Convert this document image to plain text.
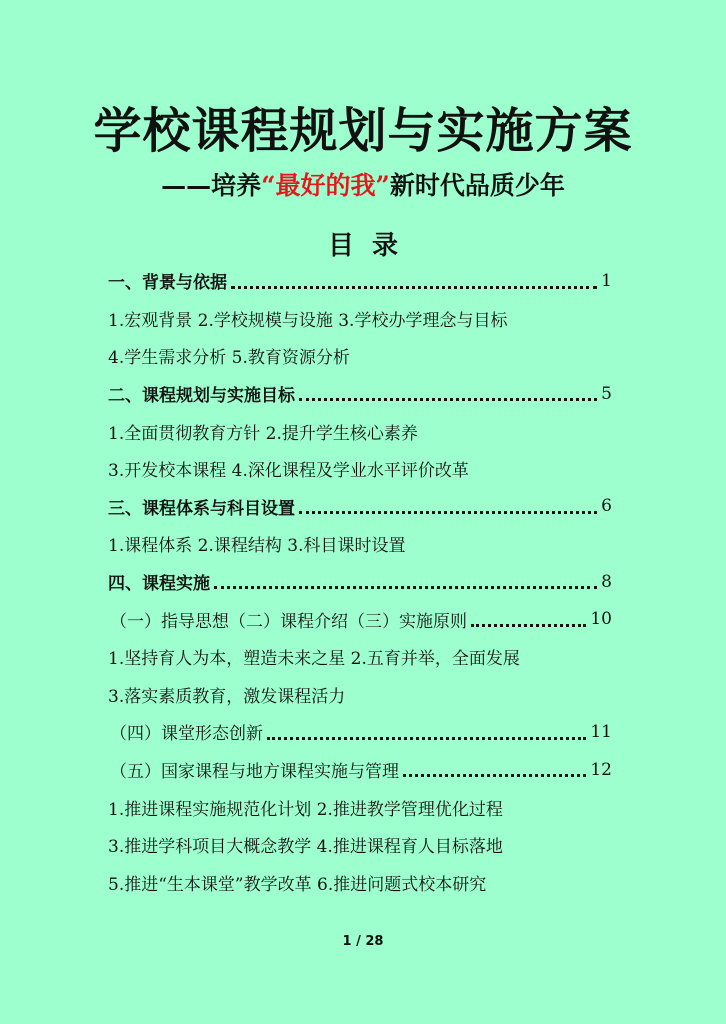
学校课程规划与实施方案
——培养“最好的我”新时代品质少年
目录
一、背景与依据	1
1.宏观背景 2.学校规模与设施 3.学校办学理念与目标
4.学生需求分析 5.教育资源分析
二、课程规划与实施目标	5
1.全面贯彻教育方针 2.提升学生核心素养
3.开发校本课程 4.深化课程及学业水平评价改革
三、课程体系与科目设置	6
1.课程体系 2.课程结构 3.科目课时设置
四、课程实施	8
（一）指导思想（二）课程介绍（三）实施原则	10
1.坚持育人为本，塑造未来之星 2.五育并举，全面发展
3.落实素质教育，激发课程活力
（四）课堂形态创新	11
（五）国家课程与地方课程实施与管理	12
1.推进课程实施规范化计划 2.推进教学管理优化过程
3.推进学科项目大概念教学 4.推进课程育人目标落地
5.推进“生本课堂”教学改革 6.推进问题式校本研究
1 / 28
